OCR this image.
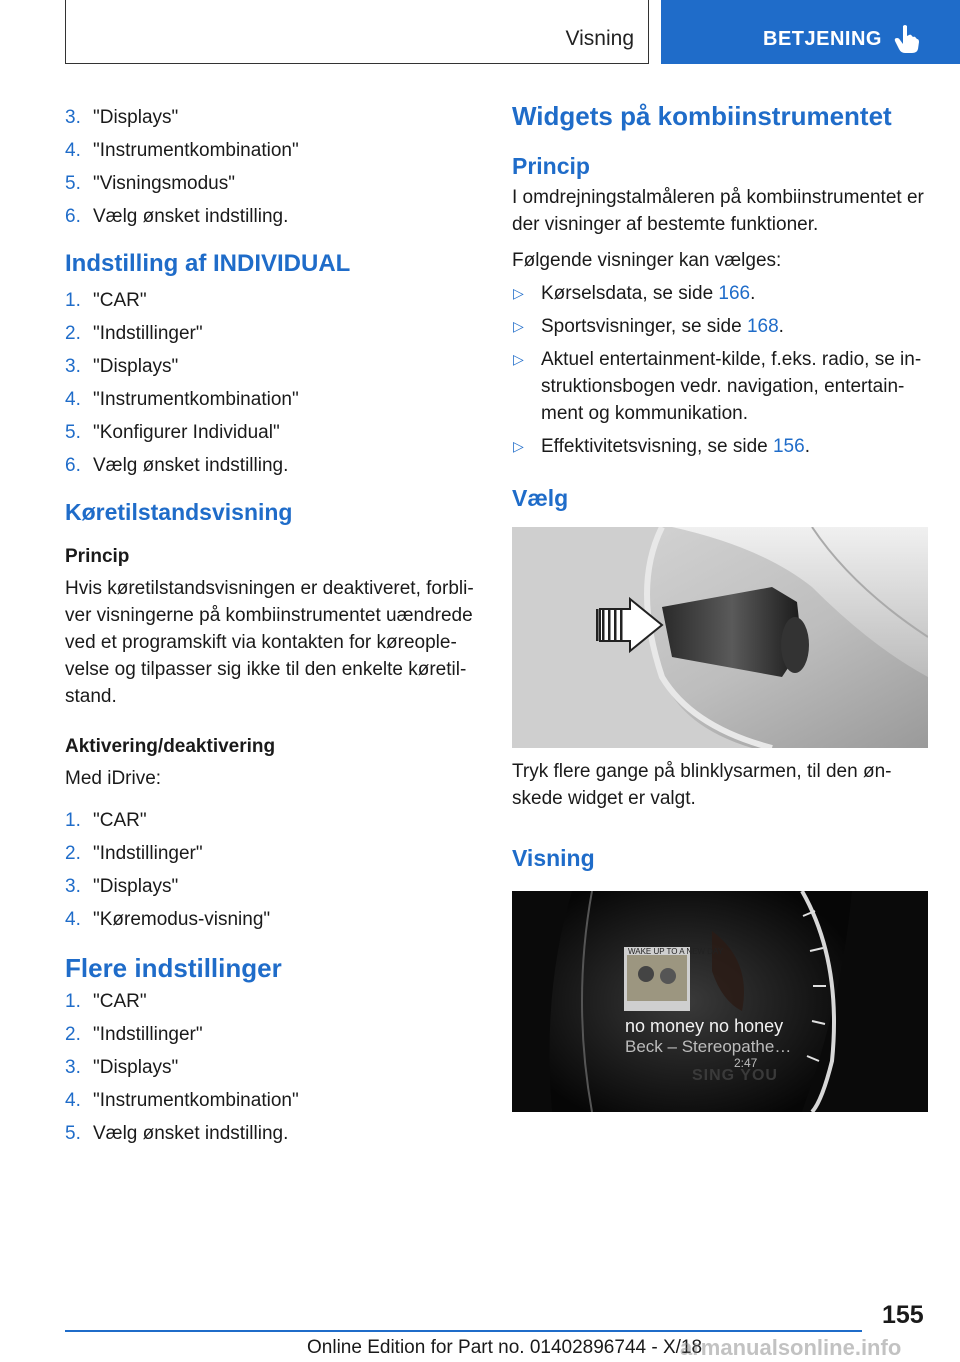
Visning	BETJENING
3. "Displays"
4. "Instrumentkombination"
5. "Visningsmodus"
6. Vælg ønsket indstilling.
Indstilling af INDIVIDUAL
1. "CAR"
2. "Indstillinger"
3. "Displays"
4. "Instrumentkombination"
5. "Konfigurer Individual"
6. Vælg ønsket indstilling.
Køretilstandsvisning
Princip

Hvis køretilstandsvisningen er deaktiveret, forbliver visningerne på kombiinstrumentet uændrede ved et programskift via kontakten for køreoplevelse og tilpasser sig ikke til den enkelte køretilstand.

Aktivering/deaktivering

Med iDrive:

1. "CAR"
2. "Indstillinger"
3. "Displays"
4. "Køremodus-visning"
Flere indstillinger
1. "CAR"
2. "Indstillinger"
3. "Displays"
4. "Instrumentkombination"
5. Vælg ønsket indstilling.
Widgets på kombiinstrumentet
Princip

I omdrejningstalmåleren på kombiinstrumentet er der visninger af bestemte funktioner.

Følgende visninger kan vælges:

▷ Kørselsdata, se side 166.
▷ Sportsvisninger, se side 168.
▷ Aktuel entertainment-kilde, f.eks. radio, se instruktionsbogen vedr. navigation, entertainment og kommunikation.
▷ Effektivitetsvisning, se side 156.
Vælg

Tryk flere gange på blinklysarmen, til den ønskede widget er valgt.

Visning
WAKE UP TO A NEW DAY
no money no honey
Beck – Stereopathe…
2:47
SING YOU
155
Online Edition for Part no. 01402896744 - X/18
armanualsonline.info
